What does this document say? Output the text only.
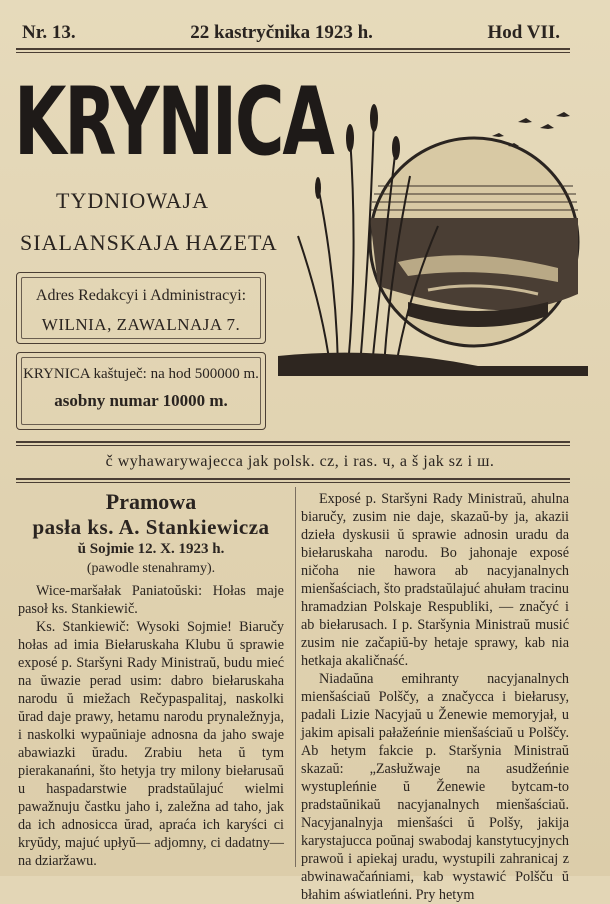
Nr. 13.	22 kastryčnika 1923 h.	Hod VII.
KRYNICA
TYDNIOWAJA
SIALANSKAJA HAZETA
Adres Redakcyi i Administracyi:
WILNIA, ZAWALNAJA 7.
KRYNICA kaštuječ: na hod 500000 m.
asobny numar 10000 m.
č wyhawarywajecca jak polsk. cz, i ras. ч, a š jak sz i ш.
Pramowa
pasła ks. A. Stankiewicza
ŭ Sojmie 12. X. 1923 h.
(pawodle stenahramy).

Wice-maršałak Paniatoŭski: Hołas maje pasoł ks. Stankiewič.

Ks. Stankiewič: Wysoki Sojmie! Biaručy hołas ad imia Biełaruskaha Klubu ŭ sprawie exposé p. Staršyni Rady Ministraŭ, budu mieć na ŭwazie perad usim: dabro biełaruskaha narodu ŭ miežach Rečypaspalitaj, naskolki ŭrad daje prawy, hetamu narodu prynaležnyja, i naskolki wypaŭniaje adnosna da jaho swaje abawiazki ŭradu. Zrabiu heta ŭ tym pierakanańni, što hetyja try milony biełarusaŭ u haspadarstwie pradstaŭlajuć wielmi pawažnuju častku jaho i, zaležna ad taho, jak da ich adnosicca ŭrad, apraća ich karyści ci kryŭdy, majuć upłyŭ— adjomny, ci dadatny— na dziaržawu.

Exposé p. Staršyni Rady Ministraŭ, ahulna biaručy, zusim nie daje, skazaŭ-by ja, akazii dzieła dyskusii ŭ sprawie adnosin uradu da biełaruskaha narodu. Bo jahonaje exposé ničoha nie hawora ab nacyjanalnych mienšaściach, što pradstaŭlajuć ahułam tracinu hramadzian Polskaje Respubliki, — značyć i ab biełarusach. I p. Staršynia Ministraŭ musić zusim nie začapiŭ-by hetaje sprawy, kab nia hetkaja akaličnaść.

Niadaŭna emihranty nacyjanalnych mienšaściaŭ Polščy, a značycca i biełarusy, padali Lizie Nacyjaŭ u Ženewie memoryjał, u jakim apisali pałažeńnie mienšaściaŭ u Polščy. Ab hetym fakcie p. Staršynia Ministraŭ skazaŭ: „Zasłužwaje na asudžeńnie wystupleńnie ŭ Ženewie bytcam-to pradstaŭnikaŭ nacyjanalnych mienšaściaŭ. Nacyjanalnyja mienšaści ŭ Polšy, jakija karystajucca poŭnaj swabodaj kanstytucyjnych prawoŭ i apiekaj uradu, wystupili zahranicaj z abwinawačańniami, kab wystawić Polšču ŭ błahim aświatleńni. Pry hetym
